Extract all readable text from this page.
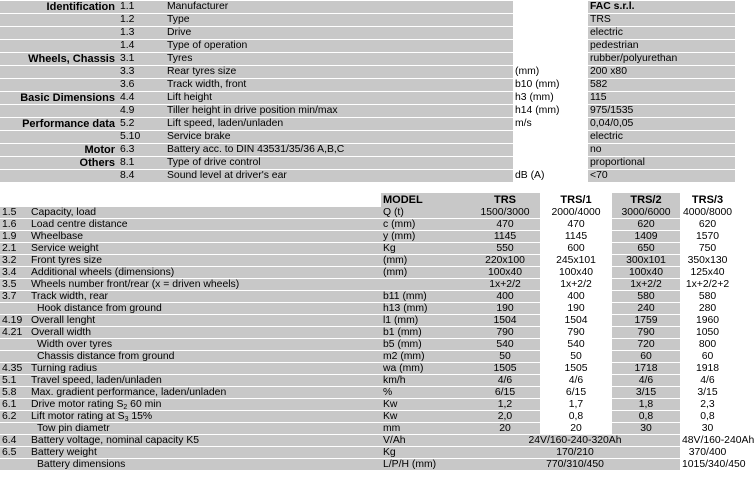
Identification	1.1	Manufacturer		FAC s.r.l.
	1.2	Type		TRS
	1.3	Drive		electric
	1.4	Type of operation		pedestrian
Wheels, Chassis	3.1	Tyres		rubber/polyurethan
	3.3	Rear tyres size	(mm)	200 x80
	3.6	Track width, front	b10 (mm)	582
Basic Dimensions	4.4	Lift height	h3 (mm)	115
	4.9	Tiller height in drive position min/max	h14 (mm)	975/1535
Performance data	5.2	Lift speed, laden/unladen	m/s	0,04/0,05
	5.10	Service brake		electric
Motor	6.3	Battery acc. to DIN 43531/35/36 A,B,C		no
Others	8.1	Type of drive control		proportional
	8.4	Sound level at driver's ear	dB (A)	<70
		MODEL	TRS	TRS/1	TRS/2	TRS/3
1.5	Capacity, load	Q (t)	1500/3000	2000/4000	3000/6000	4000/8000
1.6	Load centre distance	c (mm)	470	470	620	620
1.9	Wheelbase	y (mm)	1145	1145	1409	1570
2.1	Service weight	Kg	550	600	650	750
3.2	Front tyres size	(mm)	220x100	245x101	300x101	350x130
3.4	Additional wheels (dimensions)	(mm)	100x40	100x40	100x40	125x40
3.5	Wheels number front/rear (x = driven wheels)		1x+2/2	1x+2/2	1x+2/2	1x+2/2+2
3.7	Track width, rear	b11 (mm)	400	400	580	580
	Hook distance from ground	h13 (mm)	190	190	240	280
4.19	Overall lenght	l1 (mm)	1504	1504	1759	1960
4.21	Overall width	b1 (mm)	790	790	790	1050
	Width over tyres	b5 (mm)	540	540	720	800
	Chassis distance from ground	m2 (mm)	50	50	60	60
4.35	Turning radius	wa (mm)	1505	1505	1718	1918
5.1	Travel speed, laden/unladen	km/h	4/6	4/6	4/6	4/6
5.8	Max. gradient performance, laden/unladen	%	6/15	6/15	3/15	3/15
6.1	Drive motor rating $S_2$ 60 min	Kw	1,2	1,7	1,8	2,3
6.2	Lift motor rating at $S_3$ 15%	Kw	2,0	0,8	0,8	0,8
	Tow pin diametr	mm	20	20	30	30
6.4	Battery voltage, nominal capacity K5	V/Ah	24V/160-240-320Ah			48V/160-240Ah
6.5	Battery weight	Kg	170/210			370/400
	Battery dimensions	L/P/H (mm)	770/310/450			1015/340/450
